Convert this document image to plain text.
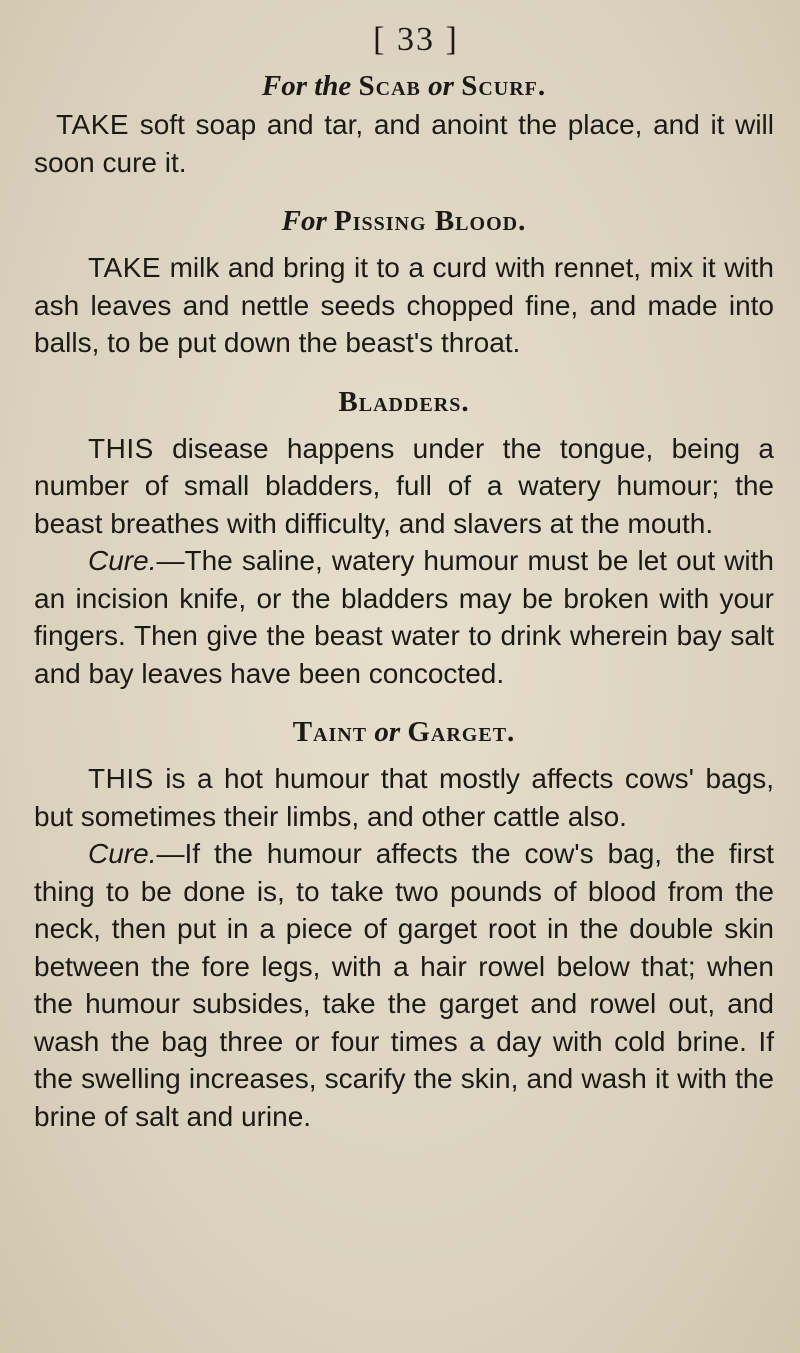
[ 33 ]
For the Scab or Scurf.

TAKE soft soap and tar, and anoint the place, and it will soon cure it.

For Pissing Blood.

TAKE milk and bring it to a curd with rennet, mix it with ash leaves and nettle seeds chopped fine, and made into balls, to be put down the beast's throat.

Bladders.

THIS disease happens under the tongue, being a number of small bladders, full of a watery humour; the beast breathes with difficulty, and slavers at the mouth.

Cure.—The saline, watery humour must be let out with an incision knife, or the bladders may be broken with your fingers. Then give the beast water to drink wherein bay salt and bay leaves have been concocted.

Taint or Garget.

THIS is a hot humour that mostly affects cows' bags, but sometimes their limbs, and other cattle also.

Cure.—If the humour affects the cow's bag, the first thing to be done is, to take two pounds of blood from the neck, then put in a piece of garget root in the double skin between the fore legs, with a hair rowel below that; when the humour subsides, take the garget and rowel out, and wash the bag three or four times a day with cold brine. If the swelling increases, scarify the skin, and wash it with the brine of salt and urine.
